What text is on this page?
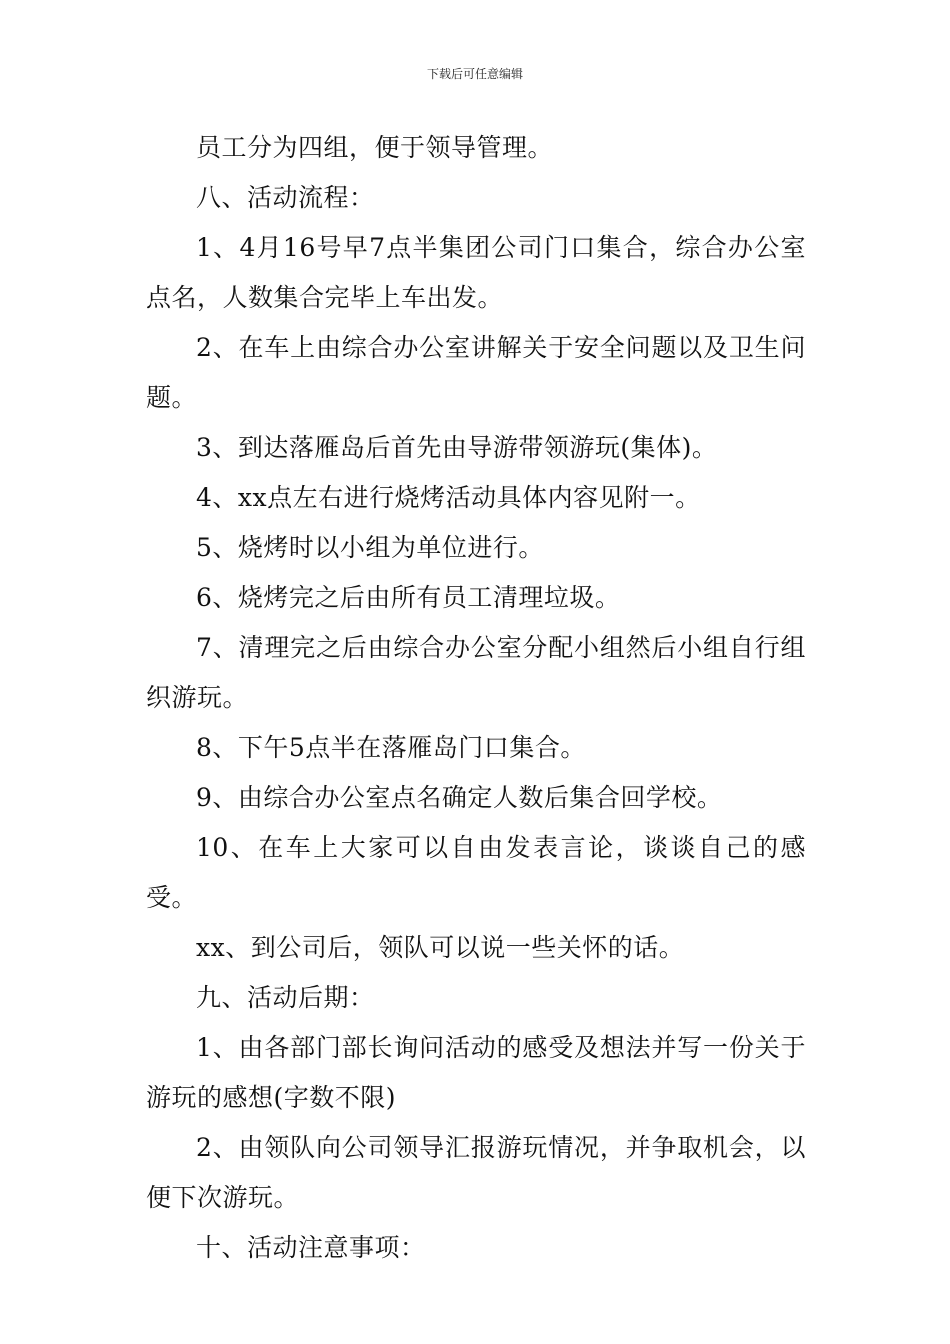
下载后可任意编辑

员工分为四组，便于领导管理。

八、活动流程：

1、4月16号早7点半集团公司门口集合，综合办公室点名，人数集合完毕上车出发。

2、在车上由综合办公室讲解关于安全问题以及卫生问题。

3、到达落雁岛后首先由导游带领游玩(集体)。

4、xx点左右进行烧烤活动具体内容见附一。

5、烧烤时以小组为单位进行。

6、烧烤完之后由所有员工清理垃圾。

7、清理完之后由综合办公室分配小组然后小组自行组织游玩。

8、下午5点半在落雁岛门口集合。

9、由综合办公室点名确定人数后集合回学校。

10、在车上大家可以自由发表言论，谈谈自己的感受。

xx、到公司后，领队可以说一些关怀的话。

九、活动后期：

1、由各部门部长询问活动的感受及想法并写一份关于游玩的感想(字数不限)

2、由领队向公司领导汇报游玩情况，并争取机会，以便下次游玩。

十、活动注意事项：
